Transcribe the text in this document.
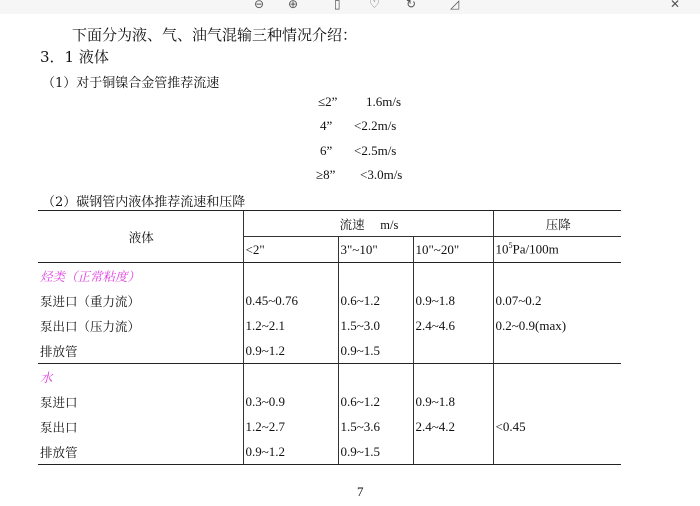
⊖ ⊕	▯ ♡ ↻	◿	✕
下面分为液、气、油气混输三种情况介绍：
3．1 液体
（1）对于铜镍合金管推荐流速
≤2” 1.6m/s
4” <2.2m/s
6” <2.5m/s
≥8” <3.0m/s
（2）碳钢管内液体推荐流速和压降
液体	流速　 m/s			压降
	<2"	3"~10"	10"~20"	$10^5Pa/100m$
烃类（正常粘度）				
泵进口（重力流）	0.45~0.76	0.6~1.2	0.9~1.8	0.07~0.2
泵出口（压力流）	1.2~2.1	1.5~3.0	2.4~4.6	0.2~0.9(max)
排放管	0.9~1.2	0.9~1.5		
水				
泵进口	0.3~0.9	0.6~1.2	0.9~1.8	
泵出口	1.2~2.7	1.5~3.6	2.4~4.2	<0.45
排放管	0.9~1.2	0.9~1.5		
7
